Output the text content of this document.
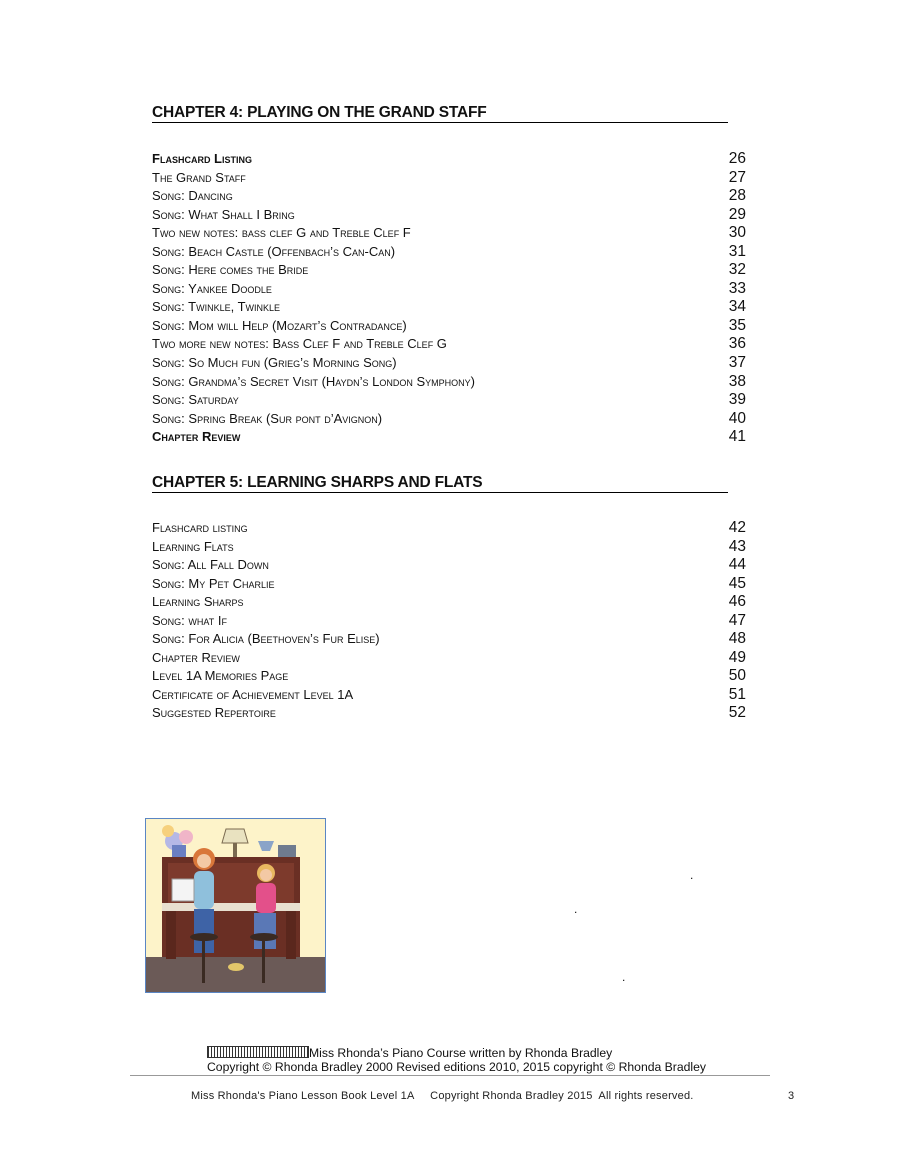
CHAPTER 4: PLAYING ON THE GRAND STAFF
Flashcard Listing	26
The Grand Staff	27
Song: Dancing	28
Song: What Shall I Bring	29
Two new notes: bass clef G and Treble Clef F	30
Song: Beach Castle (Offenbach’s Can-Can)	31
Song: Here comes the Bride	32
Song: Yankee Doodle	33
Song: Twinkle, Twinkle	34
Song: Mom will Help (Mozart’s Contradance)	35
Two more new notes: Bass Clef F and Treble Clef G	36
Song: So Much fun (Grieg’s Morning Song)	37
Song: Grandma’s Secret Visit (Haydn’s London Symphony)	38
Song: Saturday	39
Song: Spring Break (Sur pont d’Avignon)	40
Chapter Review	41
CHAPTER 5: LEARNING SHARPS AND FLATS
Flashcard listing	42
Learning Flats	43
Song: All Fall Down	44
Song: My Pet Charlie	45
Learning Sharps	46
Song: what If	47
Song: For Alicia (Beethoven’s Fur Elise)	48
Chapter Review	49
Level 1A Memories Page	50
Certificate of Achievement Level 1A	51
Suggested Repertoire	52
.
.
.
Miss Rhonda’s Piano Course written by Rhonda Bradley
Copyright © Rhonda Bradley 2000 Revised editions 2010, 2015 copyright © Rhonda Bradley
Miss Rhonda's Piano Lesson Book Level 1A     Copyright Rhonda Bradley 2015  All rights reserved.	3
